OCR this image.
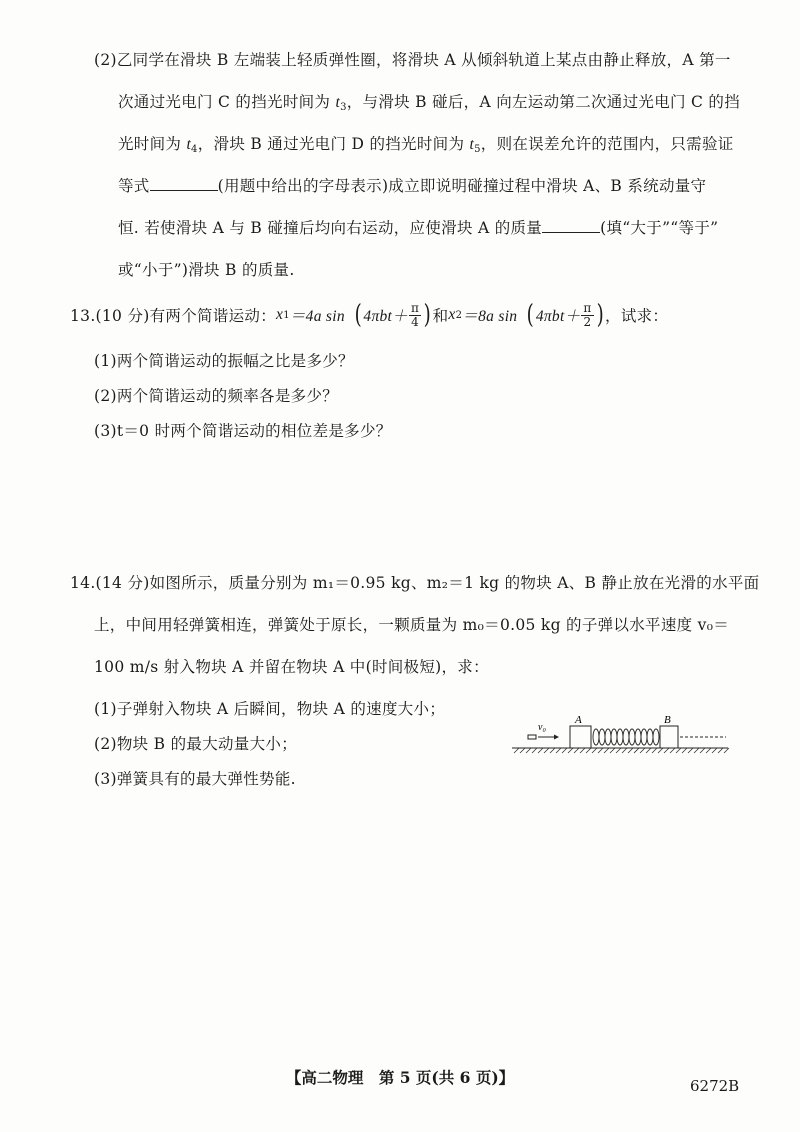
(2)乙同学在滑块 B 左端装上轻质弹性圈，将滑块 A 从倾斜轨道上某点由静止释放，A 第一
次通过光电门 C 的挡光时间为 $t_3$，与滑块 B 碰后，A 向左运动第二次通过光电门 C 的挡
光时间为 $t_4$，滑块 B 通过光电门 D 的挡光时间为 $t_5$，则在误差允许的范围内，只需验证
等式	(用题中给出的字母表示)成立即说明碰撞过程中滑块 A、B 系统动量守
恒. 若使滑块 A 与 B 碰撞后均向右运动，应使滑块 A 的质量	(填“大于”“等于”
或“小于”)滑块 B 的质量.
13.(10 分)有两个简谐运动： x 1 ＝4a sin ( $4\pi bt+ \frac{\pi}{4}$ ) 和 x 2 ＝8a sin ( $4\pi bt+ \frac{\pi}{2}$ ) ，试求：
(1)两个简谐运动的振幅之比是多少？
(2)两个简谐运动的频率各是多少？
(3)t＝0 时两个简谐运动的相位差是多少？
14.(14 分)如图所示，质量分别为 m₁＝0.95 kg、m₂＝1 kg 的物块 A、B 静止放在光滑的水平面
上，中间用轻弹簧相连，弹簧处于原长，一颗质量为 m₀＝0.05 kg 的子弹以水平速度 v₀＝
100 m/s 射入物块 A 并留在物块 A 中(时间极短)，求：
(1)子弹射入物块 A 后瞬间，物块 A 的速度大小；
(2)物块 B 的最大动量大小；
(3)弹簧具有的最大弹性势能.
v₀
A	B
【高二物理　第 5 页(共 6 页)】	6272B
